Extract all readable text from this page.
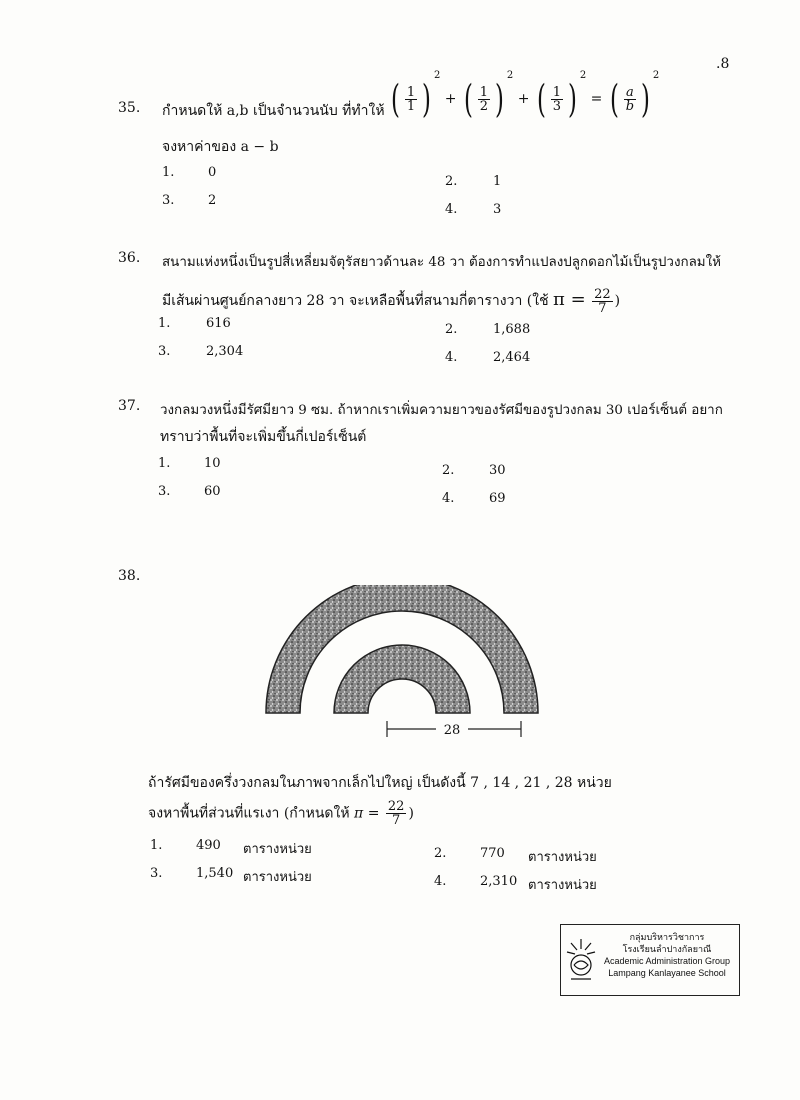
.8
35. กำหนดให้ a,b เป็นจำนวนนับ ที่ทำให้ ( $\frac{1}{1} )^2$ + ( $\frac{1}{2} )^2$ + ( $\frac{1}{3} )^2$ = ( $\frac{a}{b} )^2$
จงหาค่าของ a − b
1.	0
2.	1
3.	2
4.	3
36. สนามแห่งหนึ่งเป็นรูปสี่เหลี่ยมจัตุรัสยาวด้านละ 48 วา ต้องการทำแปลงปลูกดอกไม้เป็นรูปวงกลมให้
มีเส้นผ่านศูนย์กลางยาว 28 วา จะเหลือพื้นที่สนามกี่ตารางวา (ใช้ $\pi = \frac{22}{7}$ )
1.	616	2.	1,688
3.	2,304	4.	2,464
37. วงกลมวงหนึ่งมีรัศมียาว 9 ซม. ถ้าหากเราเพิ่มความยาวของรัศมีของรูปวงกลม 30 เปอร์เซ็นต์ อยาก
ทราบว่าพื้นที่จะเพิ่มขึ้นกี่เปอร์เซ็นต์
1.	10	2.	30
3.	60	4.	69
38.
28
ถ้ารัศมีของครึ่งวงกลมในภาพจากเล็กไปใหญ่ เป็นดังนี้ 7 , 14 , 21 , 28 หน่วย
จงหาพื้นที่ส่วนที่แรเงา (กำหนดให้ $\pi = \frac{22}{7}$ )
1.	490 ตารางหน่วย	2.	770 ตารางหน่วย
3.	1,540 ตารางหน่วย	4.	2,310 ตารางหน่วย
กลุ่มบริหารวิชาการ
โรงเรียนลำปางกัลยาณี
Academic Administration Group
Lampang Kanlayanee School
